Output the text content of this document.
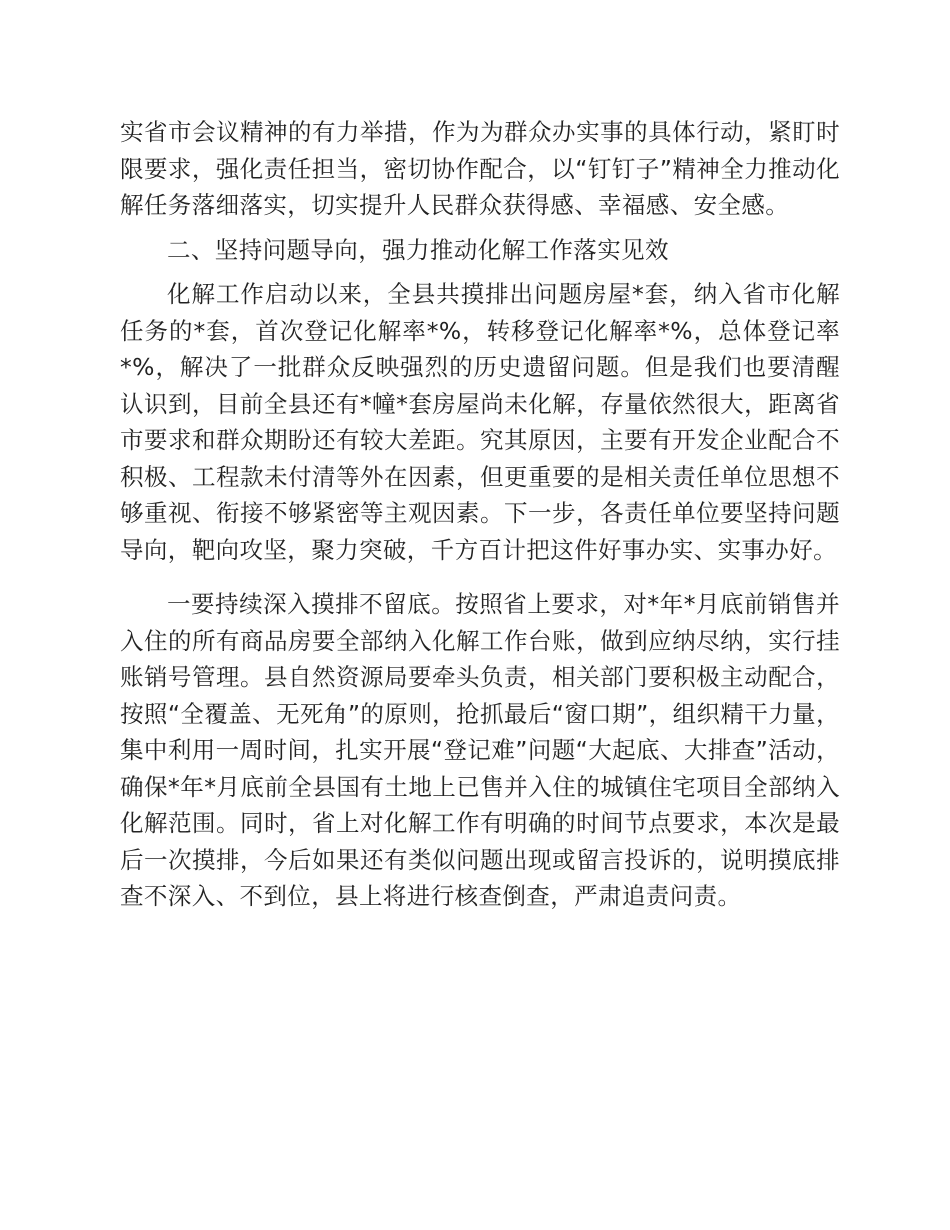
实省市会议精神的有力举措，作为为群众办实事的具体行动，紧盯时限要求，强化责任担当，密切协作配合，以“钉钉子”精神全力推动化解任务落细落实，切实提升人民群众获得感、幸福感、安全感。

二、坚持问题导向，强力推动化解工作落实见效

化解工作启动以来，全县共摸排出问题房屋*套，纳入省市化解任务的*套，首次登记化解率*%，转移登记化解率*%，总体登记率*%，解决了一批群众反映强烈的历史遗留问题。但是我们也要清醒认识到，目前全县还有*幢*套房屋尚未化解，存量依然很大，距离省市要求和群众期盼还有较大差距。究其原因，主要有开发企业配合不积极、工程款未付清等外在因素，但更重要的是相关责任单位思想不够重视、衔接不够紧密等主观因素。下一步，各责任单位要坚持问题导向，靶向攻坚，聚力突破，千方百计把这件好事办实、实事办好。

一要持续深入摸排不留底。按照省上要求，对*年*月底前销售并入住的所有商品房要全部纳入化解工作台账，做到应纳尽纳，实行挂账销号管理。县自然资源局要牵头负责，相关部门要积极主动配合，按照“全覆盖、无死角”的原则，抢抓最后“窗口期”，组织精干力量，集中利用一周时间，扎实开展“登记难”问题“大起底、大排查”活动，确保*年*月底前全县国有土地上已售并入住的城镇住宅项目全部纳入化解范围。同时，省上对化解工作有明确的时间节点要求，本次是最后一次摸排，今后如果还有类似问题出现或留言投诉的，说明摸底排查不深入、不到位，县上将进行核查倒查，严肃追责问责。
